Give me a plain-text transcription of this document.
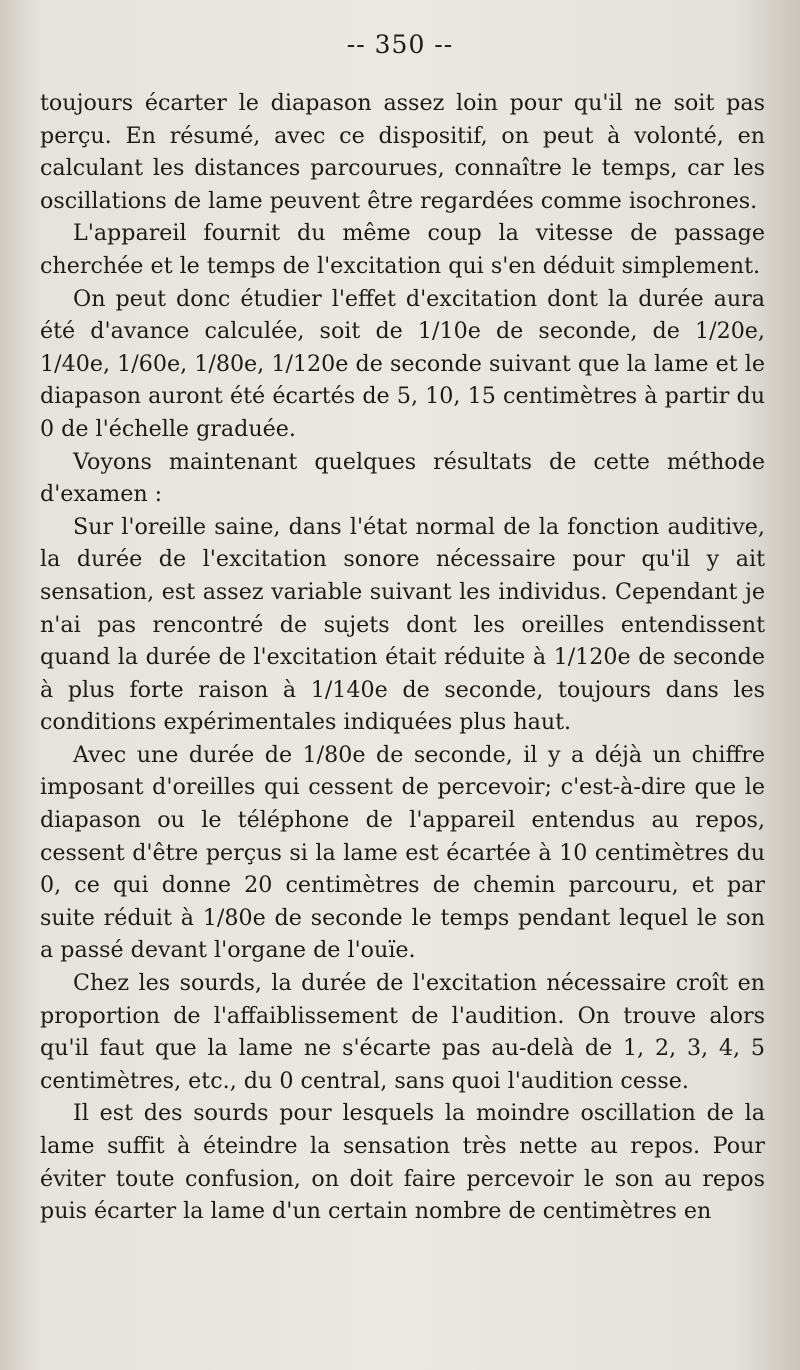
-- 350 --

toujours écarter le diapason assez loin pour qu'il ne soit pas perçu. En résumé, avec ce dispositif, on peut à volonté, en calculant les distances parcourues, connaître le temps, car les oscillations de lame peuvent être regardées comme isochrones.

L'appareil fournit du même coup la vitesse de passage cherchée et le temps de l'excitation qui s'en déduit simplement.

On peut donc étudier l'effet d'excitation dont la durée aura été d'avance calculée, soit de 1/10e de seconde, de 1/20e, 1/40e, 1/60e, 1/80e, 1/120e de seconde suivant que la lame et le diapason auront été écartés de 5, 10, 15 centimètres à partir du 0 de l'échelle graduée.

Voyons maintenant quelques résultats de cette méthode d'examen :

Sur l'oreille saine, dans l'état normal de la fonction auditive, la durée de l'excitation sonore nécessaire pour qu'il y ait sensation, est assez variable suivant les individus. Cependant je n'ai pas rencontré de sujets dont les oreilles entendissent quand la durée de l'excitation était réduite à 1/120e de seconde à plus forte raison à 1/140e de seconde, toujours dans les conditions expérimentales indiquées plus haut.

Avec une durée de 1/80e de seconde, il y a déjà un chiffre imposant d'oreilles qui cessent de percevoir; c'est-à-dire que le diapason ou le téléphone de l'appareil entendus au repos, cessent d'être perçus si la lame est écartée à 10 centimètres du 0, ce qui donne 20 centimètres de chemin parcouru, et par suite réduit à 1/80e de seconde le temps pendant lequel le son a passé devant l'organe de l'ouïe.

Chez les sourds, la durée de l'excitation nécessaire croît en proportion de l'affaiblissement de l'audition. On trouve alors qu'il faut que la lame ne s'écarte pas au-delà de 1, 2, 3, 4, 5 centimètres, etc., du 0 central, sans quoi l'audition cesse.

Il est des sourds pour lesquels la moindre oscillation de la lame suffit à éteindre la sensation très nette au repos. Pour éviter toute confusion, on doit faire percevoir le son au repos puis écarter la lame d'un certain nombre de centimètres en
